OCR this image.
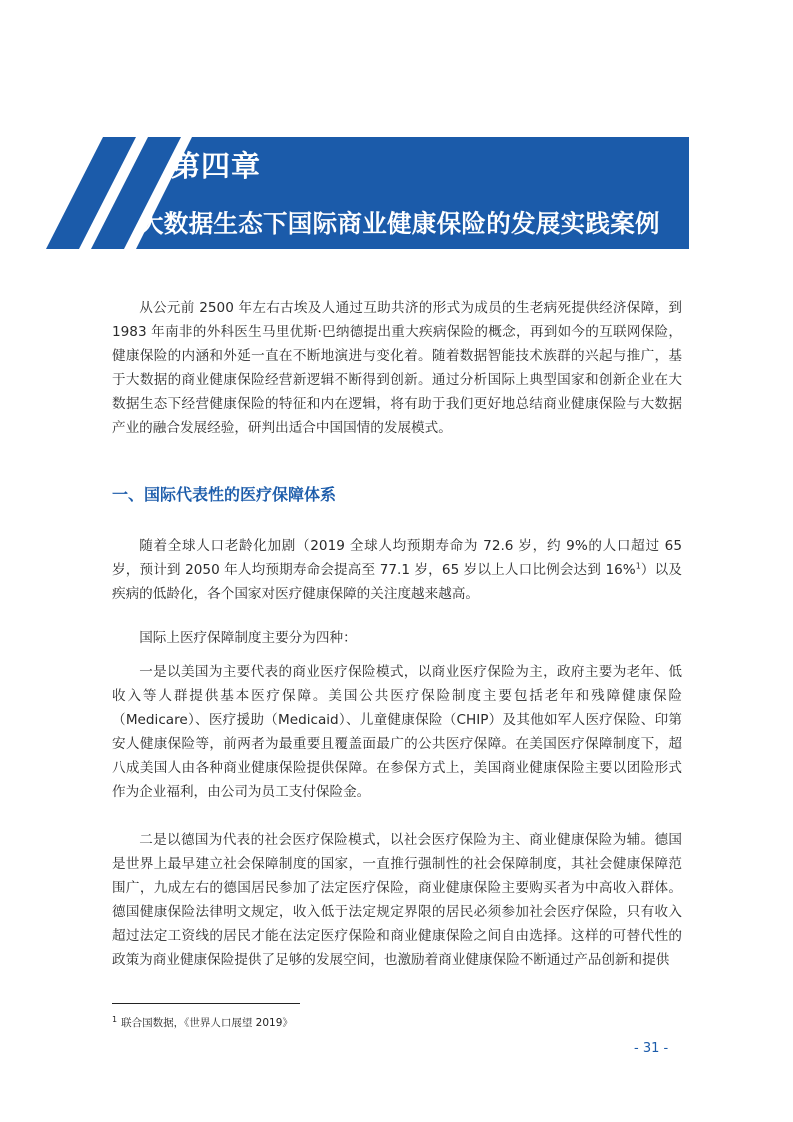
第四章
大数据生态下国际商业健康保险的发展实践案例

从公元前 2500 年左右古埃及人通过互助共济的形式为成员的生老病死提供经济保障，到1983 年南非的外科医生马里优斯·巴纳德提出重大疾病保险的概念，再到如今的互联网保险，健康保险的内涵和外延一直在不断地演进与变化着。随着数据智能技术族群的兴起与推广，基于大数据的商业健康保险经营新逻辑不断得到创新。通过分析国际上典型国家和创新企业在大数据生态下经营健康保险的特征和内在逻辑，将有助于我们更好地总结商业健康保险与大数据产业的融合发展经验，研判出适合中国国情的发展模式。

一、国际代表性的医疗保障体系

随着全球人口老龄化加剧（2019 全球人均预期寿命为 72.6 岁，约 9%的人口超过 65 岁，预计到 2050 年人均预期寿命会提高至 77.1 岁，65 岁以上人口比例会达到 16%$^1$）以及疾病的低龄化，各个国家对医疗健康保障的关注度越来越高。

国际上医疗保障制度主要分为四种：

一是以美国为主要代表的商业医疗保险模式，以商业医疗保险为主，政府主要为老年、低收入等人群提供基本医疗保障。美国公共医疗保险制度主要包括老年和残障健康保险（Medicare）、医疗援助（Medicaid）、儿童健康保险（CHIP）及其他如军人医疗保险、印第安人健康保险等，前两者为最重要且覆盖面最广的公共医疗保障。在美国医疗保障制度下，超八成美国人由各种商业健康保险提供保障。在参保方式上，美国商业健康保险主要以团险形式作为企业福利，由公司为员工支付保险金。

二是以德国为代表的社会医疗保险模式，以社会医疗保险为主、商业健康保险为辅。德国是世界上最早建立社会保障制度的国家，一直推行强制性的社会保障制度，其社会健康保障范围广，九成左右的德国居民参加了法定医疗保险，商业健康保险主要购买者为中高收入群体。德国健康保险法律明文规定，收入低于法定规定界限的居民必须参加社会医疗保险，只有收入超过法定工资线的居民才能在法定医疗保险和商业健康保险之间自由选择。这样的可替代性的政策为商业健康保险提供了足够的发展空间，也激励着商业健康保险不断通过产品创新和提供

$^1$ 联合国数据，《世界人口展望 2019》

- 31 -
